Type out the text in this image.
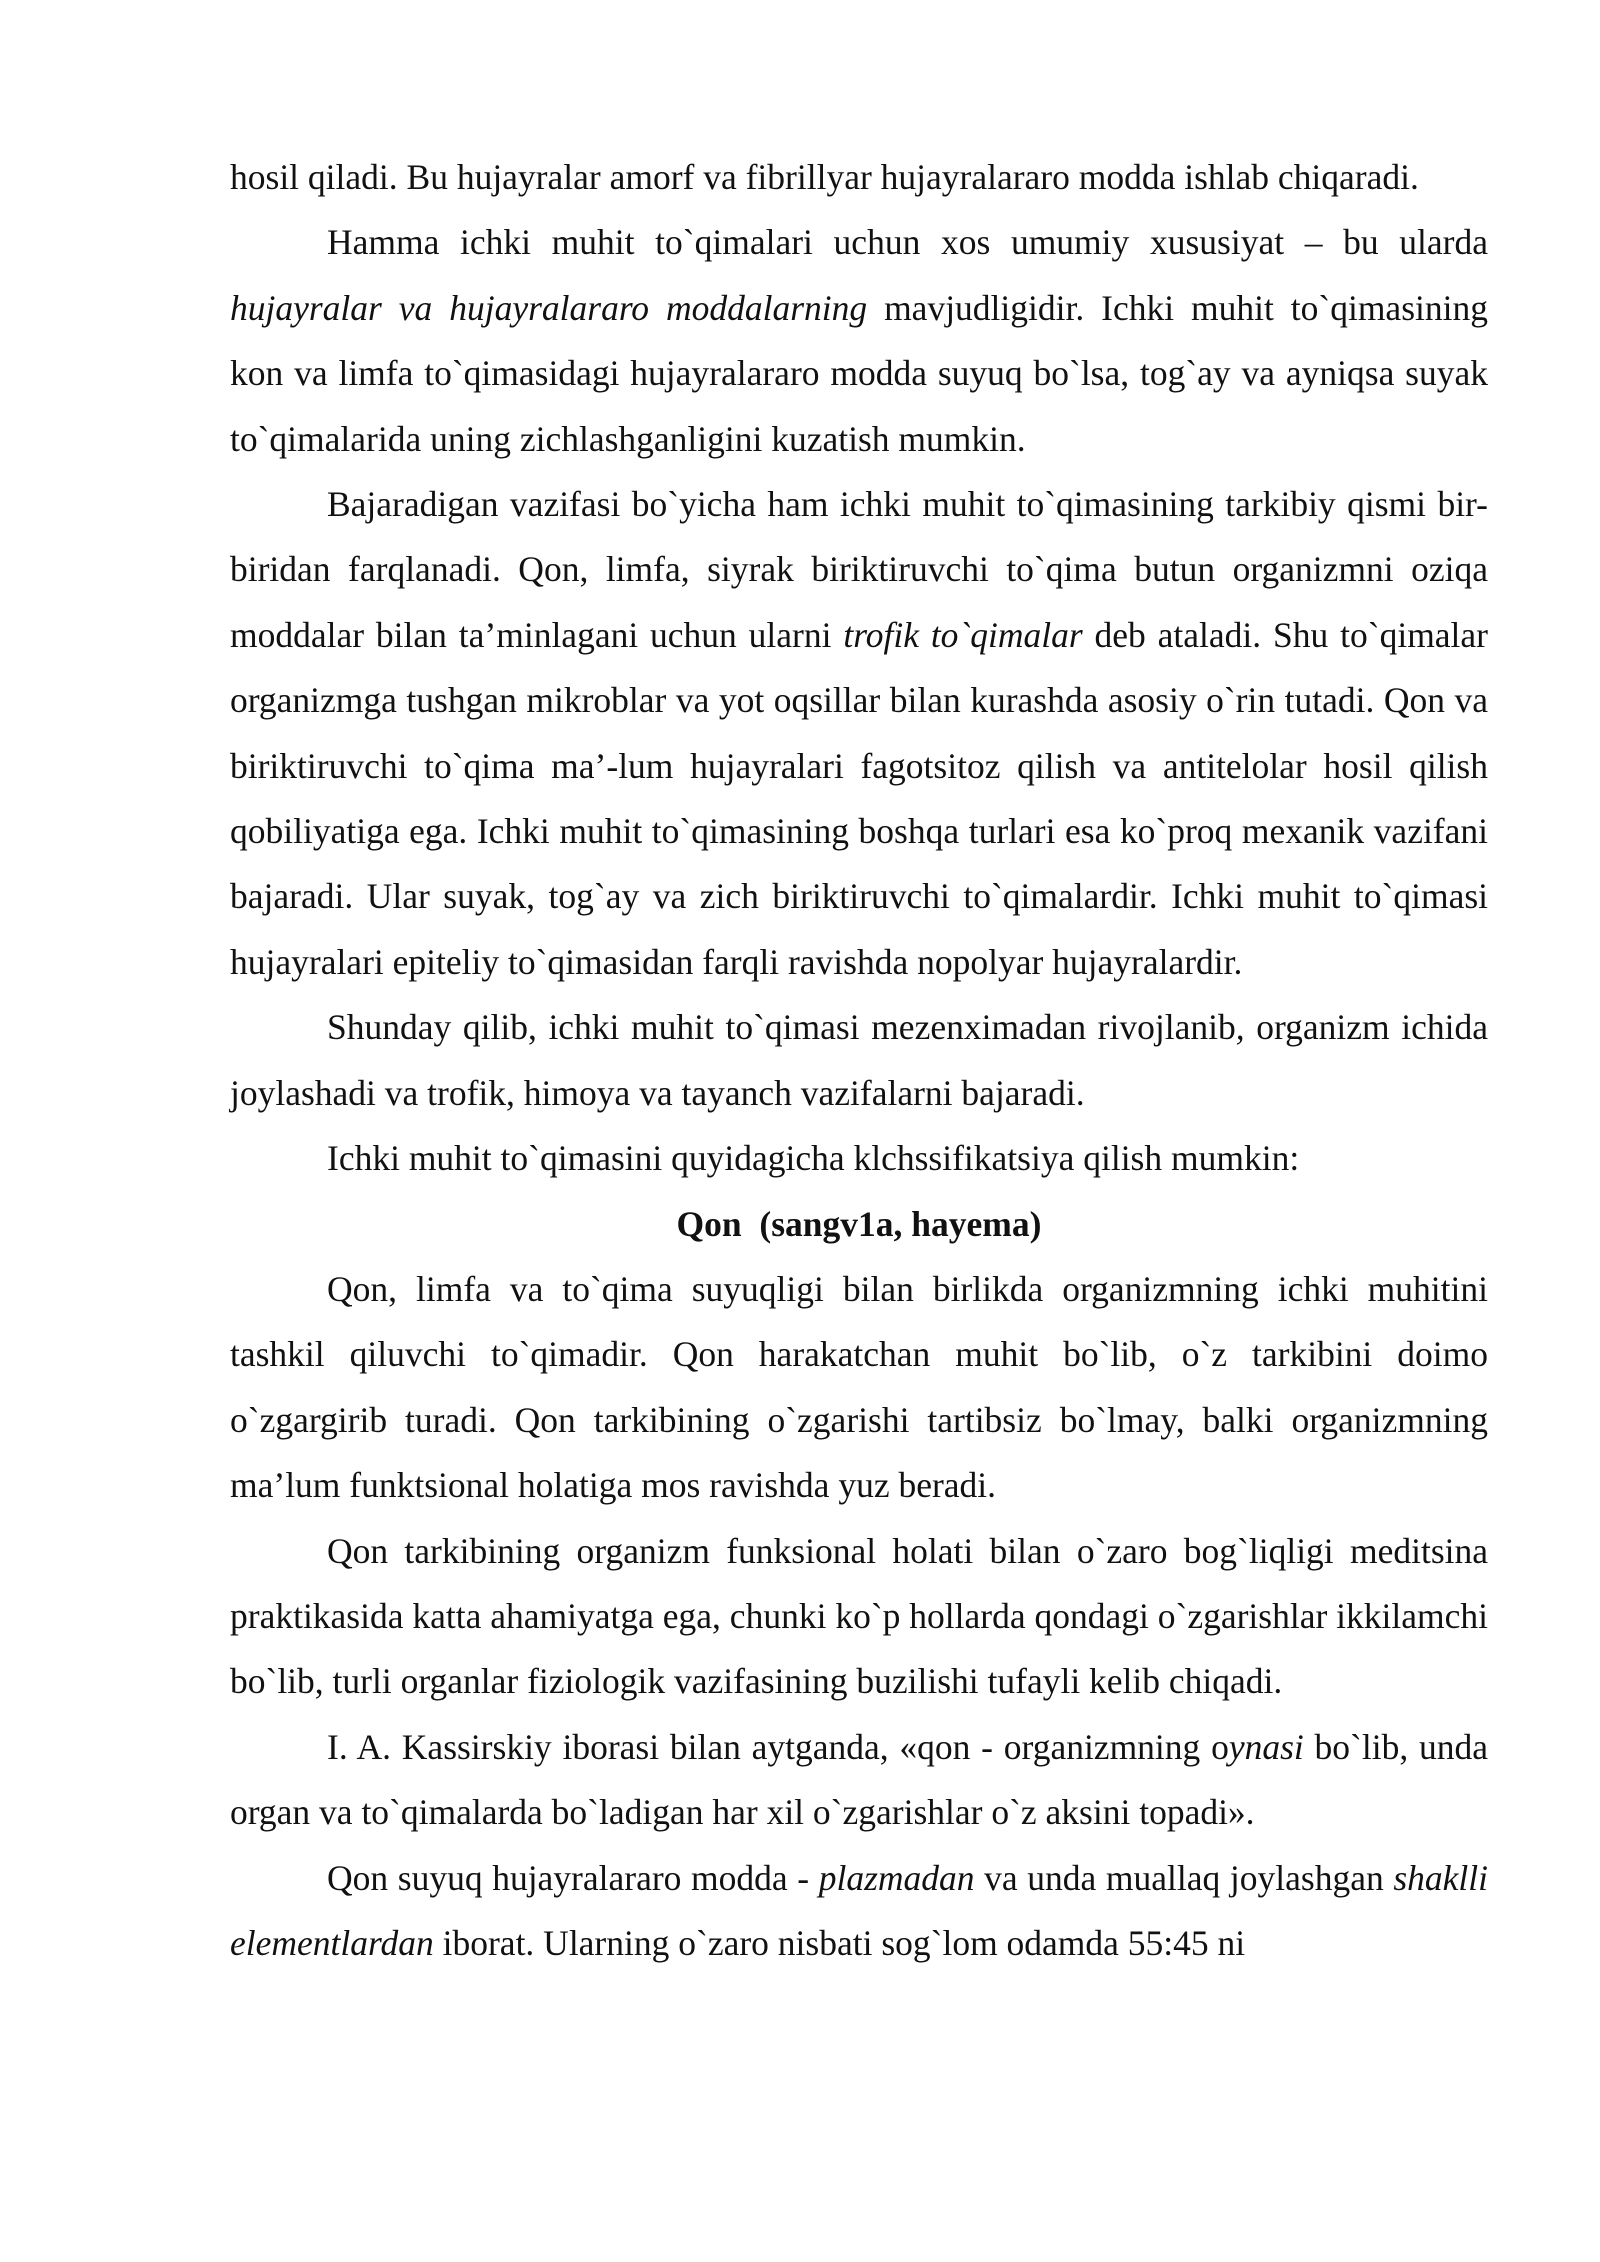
hosil qiladi. Bu hujayralar amorf va fibrillyar hujayralararo modda ishlab chiqaradi.

Hamma ichki muhit to`qimalari uchun xos umumiy xususiyat – bu ularda hujayralar va hujayralararo moddalarning mavjudligidir. Ichki muhit to`qimasining kon va limfa to`qimasidagi hujayralararo modda suyuq bo`lsa, tog`ay va ayniqsa suyak to`qimalarida uning zichlashganligini kuzatish mumkin.

Bajaradigan vazifasi bo`yicha ham ichki muhit to`qimasining tarkibiy qismi bir-biridan farqlanadi. Qon, limfa, siyrak biriktiruvchi to`qima butun organizmni oziqa moddalar bilan ta’minlagani uchun ularni trofik to`qimalar deb ataladi. Shu to`qimalar organizmga tushgan mikroblar va yot oqsillar bilan kurashda asosiy o`rin tutadi. Qon va biriktiruvchi to`qima ma’-lum hujayralari fagotsitoz qilish va antitelolar hosil qilish qobiliyatiga ega. Ichki muhit to`qimasining boshqa turlari esa ko`proq mexanik vazifani bajaradi. Ular suyak, tog`ay va zich biriktiruvchi to`qimalardir. Ichki muhit to`qimasi hujayralari epiteliy to`qimasidan farqli ravishda nopolyar hujayralardir.

Shunday qilib, ichki muhit to`qimasi mezenximadan rivojlanib, organizm ichida joylashadi va trofik, himoya va tayanch vazifalarni bajaradi.

Ichki muhit to`qimasini quyidagicha klchssifikatsiya qilish mumkin:

Qon  (sangv1a, hayema)

Qon, limfa va to`qima suyuqligi bilan birlikda organizmning ichki muhitini tashkil qiluvchi to`qimadir. Qon harakatchan muhit bo`lib, o`z tarkibini doimo o`zgargirib turadi. Qon tarkibining o`zgarishi tartibsiz bo`lmay, balki organizmning ma’lum funktsional holatiga mos ravishda yuz beradi.

Qon tarkibining organizm funksional holati bilan o`zaro bog`liqligi meditsina praktikasida katta ahamiyatga ega, chunki ko`p hollarda qondagi o`zgarishlar ikkilamchi bo`lib, turli organlar fiziologik vazifasining buzilishi tufayli kelib chiqadi.

I. A. Kassirskiy iborasi bilan aytganda, «qon - organizmning oynasi bo`lib, unda organ va to`qimalarda bo`ladigan har xil o`zgarishlar o`z aksini topadi».

Qon suyuq hujayralararo modda - plazmadan va unda muallaq joylashgan shaklli elementlardan iborat. Ularning o`zaro nisbati sog`lom odamda 55:45 ni
